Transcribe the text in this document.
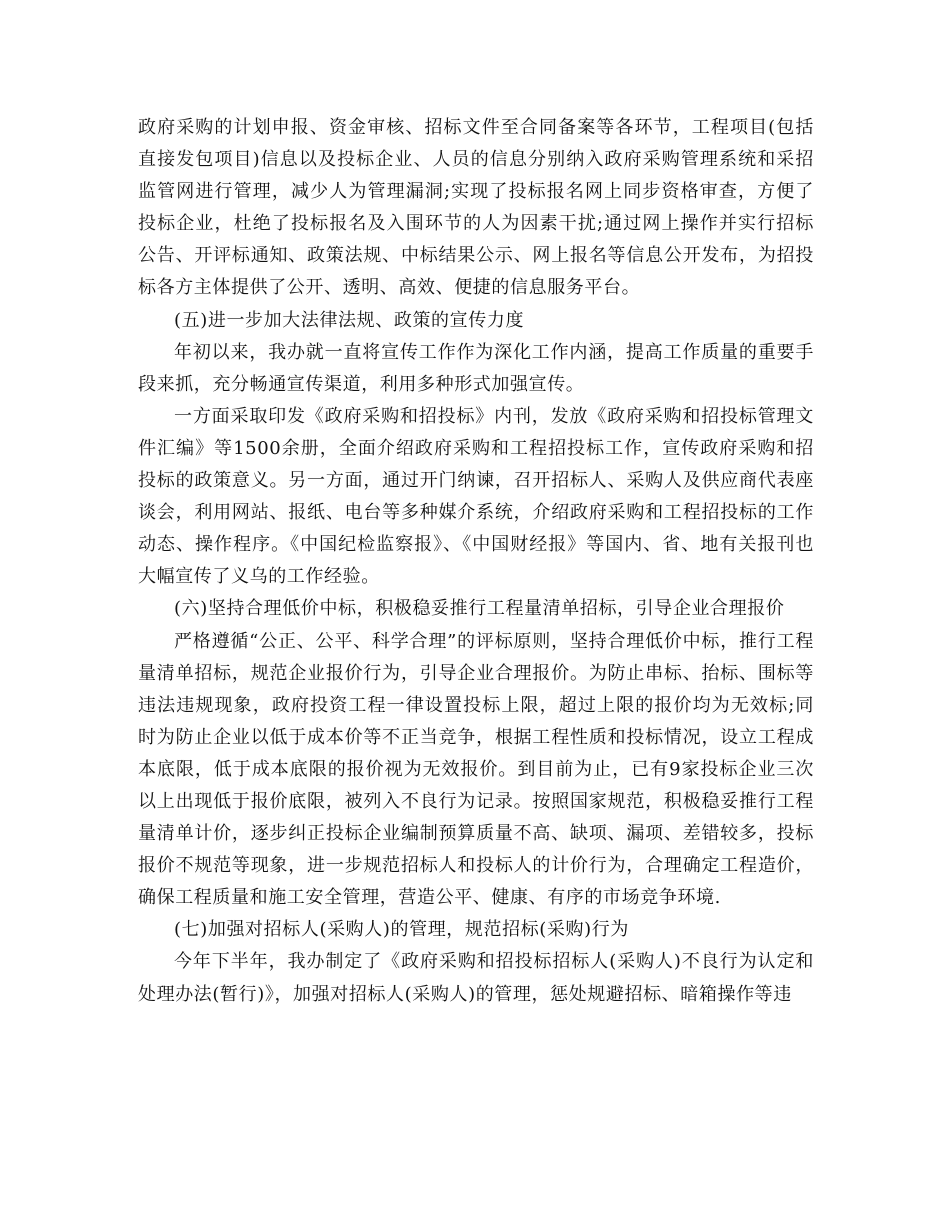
政府采购的计划申报、资金审核、招标文件至合同备案等各环节，工程项目(包括直接发包项目)信息以及投标企业、人员的信息分别纳入政府采购管理系统和采招监管网进行管理，减少人为管理漏洞;实现了投标报名网上同步资格审查，方便了投标企业，杜绝了投标报名及入围环节的人为因素干扰;通过网上操作并实行招标公告、开评标通知、政策法规、中标结果公示、网上报名等信息公开发布，为招投标各方主体提供了公开、透明、高效、便捷的信息服务平台。

(五)进一步加大法律法规、政策的宣传力度

年初以来，我办就一直将宣传工作作为深化工作内涵，提高工作质量的重要手段来抓，充分畅通宣传渠道，利用多种形式加强宣传。

一方面采取印发《政府采购和招投标》内刊，发放《政府采购和招投标管理文件汇编》等1500余册，全面介绍政府采购和工程招投标工作，宣传政府采购和招投标的政策意义。另一方面，通过开门纳谏，召开招标人、采购人及供应商代表座谈会，利用网站、报纸、电台等多种媒介系统，介绍政府采购和工程招投标的工作动态、操作程序。《中国纪检监察报》、《中国财经报》等国内、省、地有关报刊也大幅宣传了义乌的工作经验。

(六)坚持合理低价中标，积极稳妥推行工程量清单招标，引导企业合理报价

严格遵循“公正、公平、科学合理”的评标原则，坚持合理低价中标，推行工程量清单招标，规范企业报价行为，引导企业合理报价。为防止串标、抬标、围标等违法违规现象，政府投资工程一律设置投标上限，超过上限的报价均为无效标;同时为防止企业以低于成本价等不正当竞争，根据工程性质和投标情况，设立工程成本底限，低于成本底限的报价视为无效报价。到目前为止，已有9家投标企业三次以上出现低于报价底限，被列入不良行为记录。按照国家规范，积极稳妥推行工程量清单计价，逐步纠正投标企业编制预算质量不高、缺项、漏项、差错较多，投标报价不规范等现象，进一步规范招标人和投标人的计价行为，合理确定工程造价，确保工程质量和施工安全管理，营造公平、健康、有序的市场竞争环境.

(七)加强对招标人(采购人)的管理，规范招标(采购)行为

今年下半年，我办制定了《政府采购和招投标招标人(采购人)不良行为认定和处理办法(暂行)》，加强对招标人(采购人)的管理，惩处规避招标、暗箱操作等违
